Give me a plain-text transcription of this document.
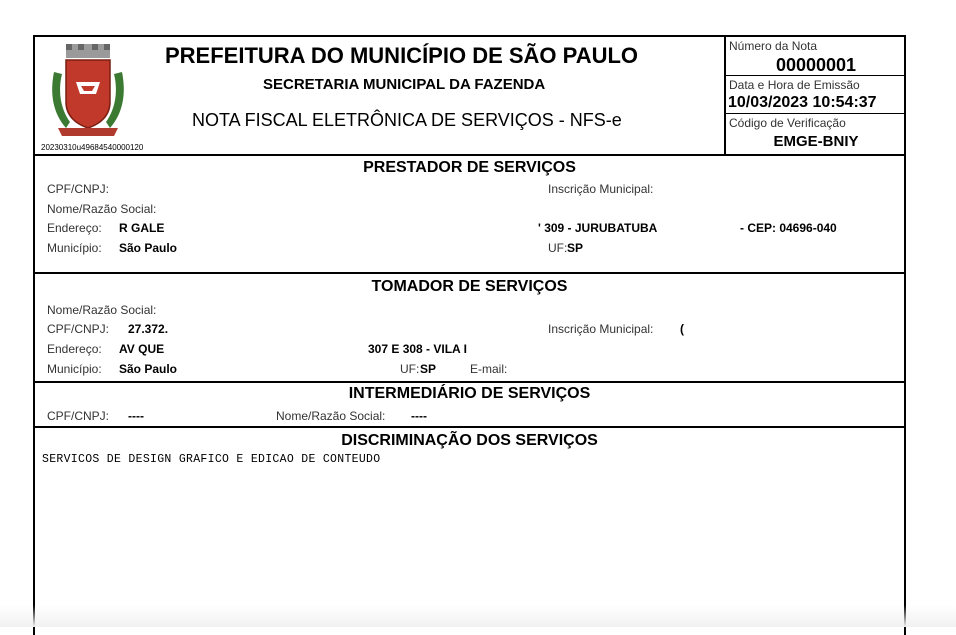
20230310u49684540000120
PREFEITURA DO MUNICÍPIO DE SÃO PAULO
SECRETARIA MUNICIPAL DA FAZENDA
NOTA FISCAL ELETRÔNICA DE SERVIÇOS - NFS-e
Número da Nota
00000001
Data e Hora de Emissão
10/03/2023 10:54:37
Código de Verificação
EMGE-BNIY
PRESTADOR DE SERVIÇOS
CPF/CNPJ:	Inscrição Municipal:
Nome/Razão Social:
Endereço: R GALE	' 309 - JURUBATUBA	- CEP: 04696-040
Município: São Paulo	UF: SP
TOMADOR DE SERVIÇOS
Nome/Razão Social:
CPF/CNPJ: 27.372.	Inscrição Municipal: (
Endereço: AV QUE	307 E 308 - VILA I
Município: São Paulo	UF: SP	E-mail:
INTERMEDIÁRIO DE SERVIÇOS
CPF/CNPJ: ----	Nome/Razão Social: ----
DISCRIMINAÇÃO DOS SERVIÇOS
SERVICOS DE DESIGN GRAFICO E EDICAO DE CONTEUDO
